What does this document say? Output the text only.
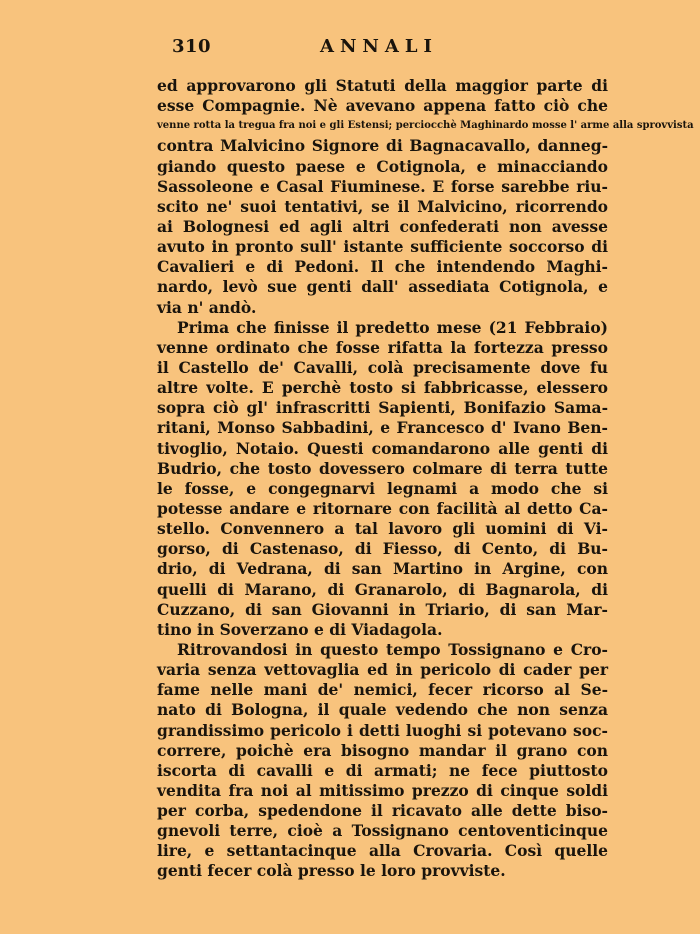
310	ANNALI
ed approvarono gli Statuti della maggior parte di
esse Compagnie. Nè avevano appena fatto ciò che
venne rotta la tregua fra noi e gli Estensi; perciocchè Maghinardo mosse l' arme alla sprovvista
contra Malvicino Signore di Bagnacavallo, danneg-
giando questo paese e Cotignola, e minacciando
Sassoleone e Casal Fiuminese. E forse sarebbe riu-
scito ne' suoi tentativi, se il Malvicino, ricorrendo
ai Bolognesi ed agli altri confederati non avesse
avuto in pronto sull' istante sufficiente soccorso di
Cavalieri e di Pedoni. Il che intendendo Maghi-
nardo, levò sue genti dall' assediata Cotignola, e
via n' andò.
Prima che finisse il predetto mese (21 Febbraio)
venne ordinato che fosse rifatta la fortezza presso
il Castello de' Cavalli, colà precisamente dove fu
altre volte. E perchè tosto si fabbricasse, elessero
sopra ciò gl' infrascritti Sapienti, Bonifazio Sama-
ritani, Monso Sabbadini, e Francesco d' Ivano Ben-
tivoglio, Notaio. Questi comandarono alle genti di
Budrio, che tosto dovessero colmare di terra tutte
le fosse, e congegnarvi legnami a modo che si
potesse andare e ritornare con facilità al detto Ca-
stello. Convennero a tal lavoro gli uomini di Vi-
gorso, di Castenaso, di Fiesso, di Cento, di Bu-
drio, di Vedrana, di san Martino in Argine, con
quelli di Marano, di Granarolo, di Bagnarola, di
Cuzzano, di san Giovanni in Triario, di san Mar-
tino in Soverzano e di Viadagola.
Ritrovandosi in questo tempo Tossignano e Cro-
varia senza vettovaglia ed in pericolo di cader per
fame nelle mani de' nemici, fecer ricorso al Se-
nato di Bologna, il quale vedendo che non senza
grandissimo pericolo i detti luoghi si potevano soc-
correre, poichè era bisogno mandar il grano con
iscorta di cavalli e di armati; ne fece piuttosto
vendita fra noi al mitissimo prezzo di cinque soldi
per corba, spedendone il ricavato alle dette biso-
gnevoli terre, cioè a Tossignano centoventicinque
lire, e settantacinque alla Crovaria. Così quelle
genti fecer colà presso le loro provviste.
